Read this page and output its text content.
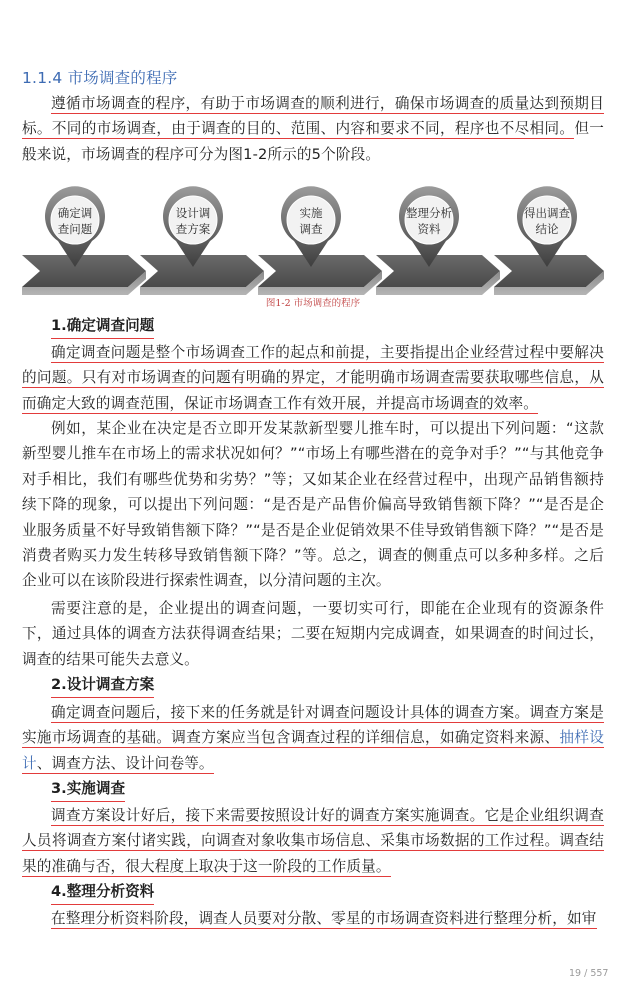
1.1.4 市场调查的程序

遵循市场调查的程序，有助于市场调查的顺利进行，确保市场调查的质量达到预期目标。不同的市场调查，由于调查的目的、范围、内容和要求不同，程序也不尽相同。但一般来说，市场调查的程序可分为图1-2所示的5个阶段。

确定调
查问题
设计调
查方案
实施
调查
整理分析
资料
得出调查
结论
图1-2 市场调查的程序
1.确定调查问题

确定调查问题是整个市场调查工作的起点和前提，主要指提出企业经营过程中要解决的问题。只有对市场调查的问题有明确的界定，才能明确市场调查需要获取哪些信息，从而确定大致的调查范围，保证市场调查工作有效开展，并提高市场调查的效率。

例如，某企业在决定是否立即开发某款新型婴儿推车时，可以提出下列问题：“这款新型婴儿推车在市场上的需求状况如何？”“市场上有哪些潜在的竞争对手？”“与其他竞争对手相比，我们有哪些优势和劣势？”等；又如某企业在经营过程中，出现产品销售额持续下降的现象，可以提出下列问题：“是否是产品售价偏高导致销售额下降？”“是否是企业服务质量不好导致销售额下降？”“是否是企业促销效果不佳导致销售额下降？”“是否是消费者购买力发生转移导致销售额下降？”等。总之，调查的侧重点可以多种多样。之后企业可以在该阶段进行探索性调查，以分清问题的主次。

需要注意的是，企业提出的调查问题，一要切实可行，即能在企业现有的资源条件下，通过具体的调查方法获得调查结果；二要在短期内完成调查，如果调查的时间过长，调查的结果可能失去意义。

2.设计调查方案

确定调查问题后，接下来的任务就是针对调查问题设计具体的调查方案。调查方案是实施市场调查的基础。调查方案应当包含调查过程的详细信息，如确定资料来源、抽样设计、调查方法、设计问卷等。

3.实施调查

调查方案设计好后，接下来需要按照设计好的调查方案实施调查。它是企业组织调查人员将调查方案付诸实践，向调查对象收集市场信息、采集市场数据的工作过程。调查结果的准确与否，很大程度上取决于这一阶段的工作质量。

4.整理分析资料

在整理分析资料阶段，调查人员要对分散、零星的市场调查资料进行整理分析，如审

19 / 557
